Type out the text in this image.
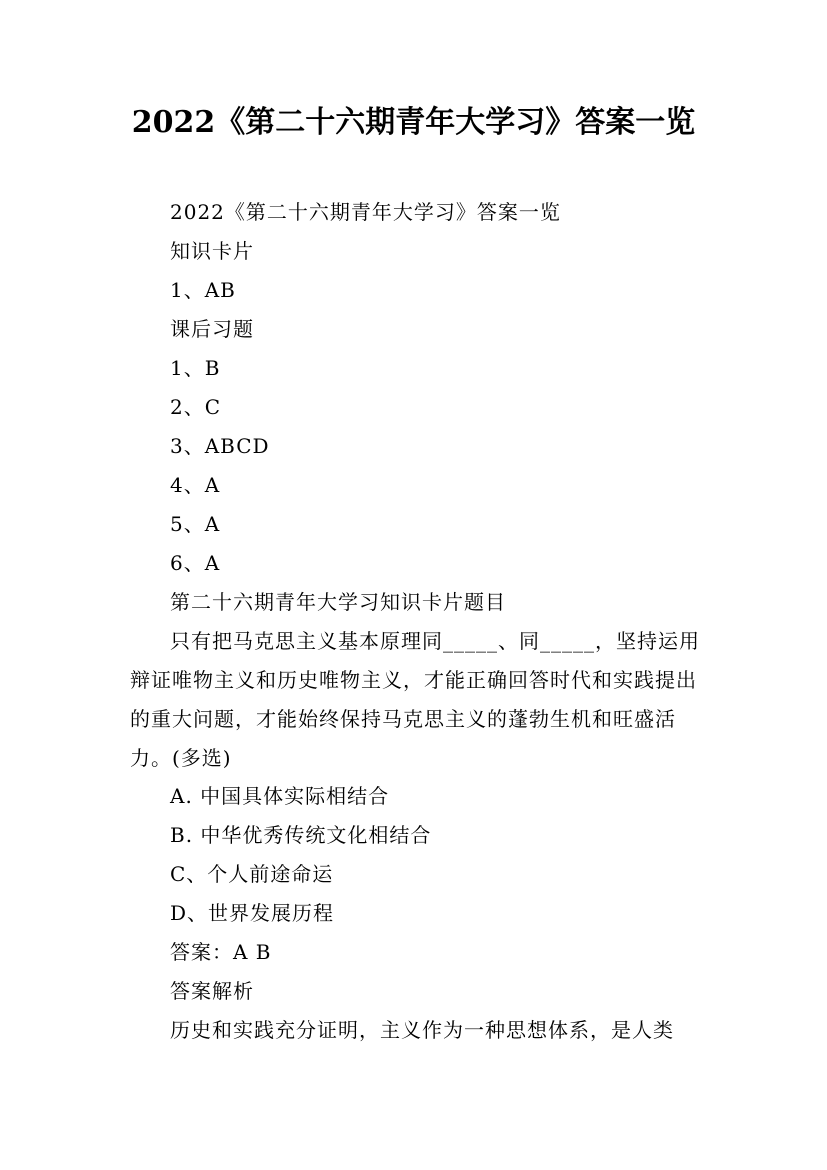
2022《第二十六期青年大学习》答案一览
2022《第二十六期青年大学习》答案一览
知识卡片
1、AB
课后习题
1、B
2、C
3、ABCD
4、A
5、A
6、A
第二十六期青年大学习知识卡片题目
只有把马克思主义基本原理同_____、同_____，坚持运用辩证唯物主义和历史唯物主义，才能正确回答时代和实践提出的重大问题，才能始终保持马克思主义的蓬勃生机和旺盛活力。(多选)
A. 中国具体实际相结合
B. 中华优秀传统文化相结合
C、个人前途命运
D、世界发展历程
答案：A B
答案解析
历史和实践充分证明，主义作为一种思想体系，是人类
